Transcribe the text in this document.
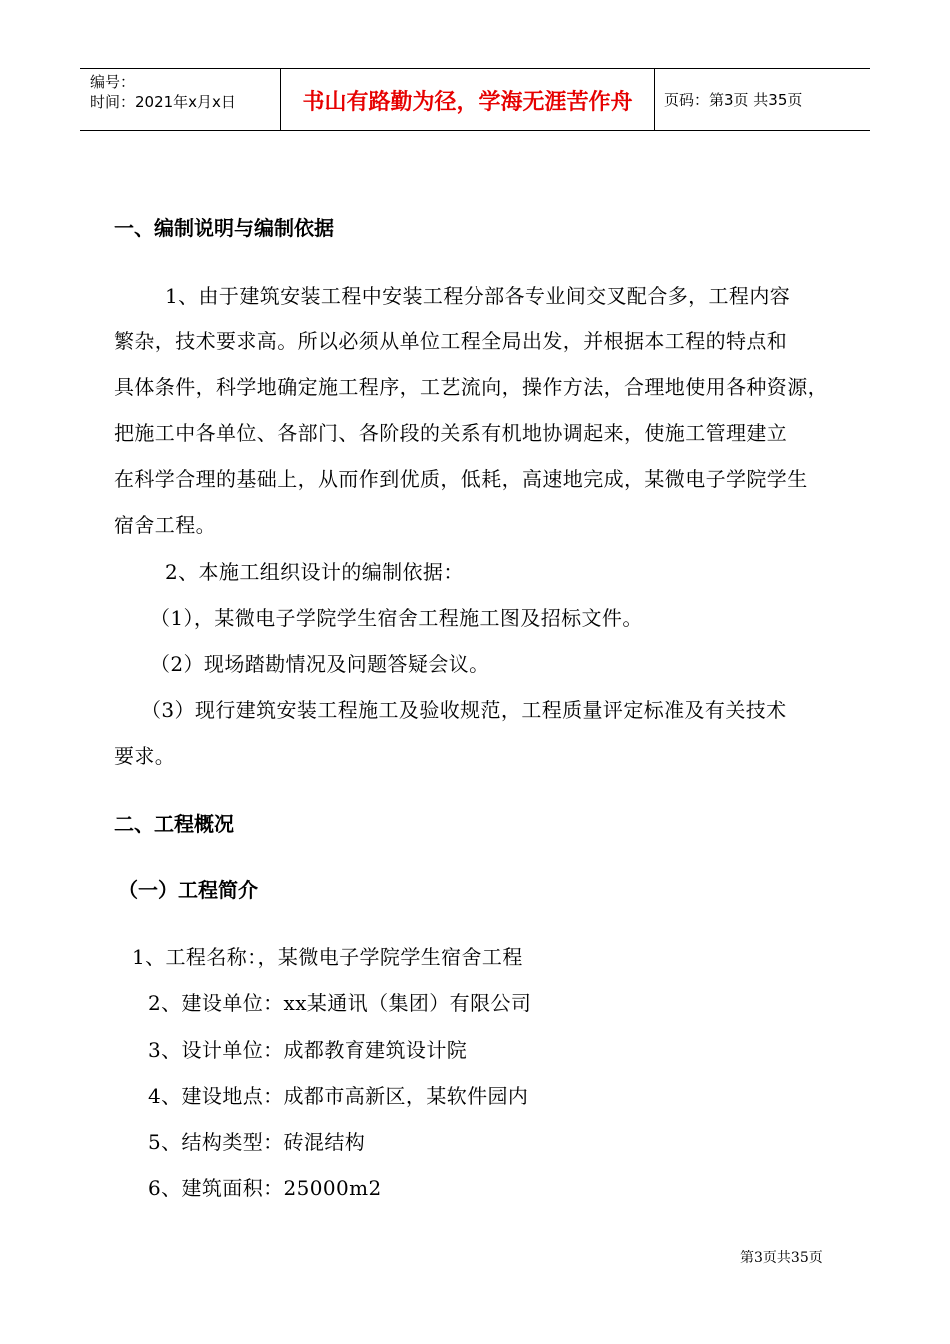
编号：
时间：2021年x月x日	书山有路勤为径，学海无涯苦作舟	页码：第3页 共35页
一、编制说明与编制依据
1、由于建筑安装工程中安装工程分部各专业间交叉配合多，工程内容
繁杂，技术要求高。所以必须从单位工程全局出发，并根据本工程的特点和
具体条件，科学地确定施工程序，工艺流向，操作方法，合理地使用各种资源，
把施工中各单位、各部门、各阶段的关系有机地协调起来，使施工管理建立
在科学合理的基础上，从而作到优质，低耗，高速地完成，某微电子学院学生
宿舍工程。
2、本施工组织设计的编制依据：
（1），某微电子学院学生宿舍工程施工图及招标文件。
（2）现场踏勘情况及问题答疑会议。
（3）现行建筑安装工程施工及验收规范，工程质量评定标准及有关技术
要求。
二、工程概况
（一）工程简介
1、工程名称：，某微电子学院学生宿舍工程
2、建设单位：xx某通讯（集团）有限公司
3、设计单位：成都教育建筑设计院
4、建设地点：成都市高新区，某软件园内
5、结构类型：砖混结构
6、建筑面积：25000m2
第3页共35页
